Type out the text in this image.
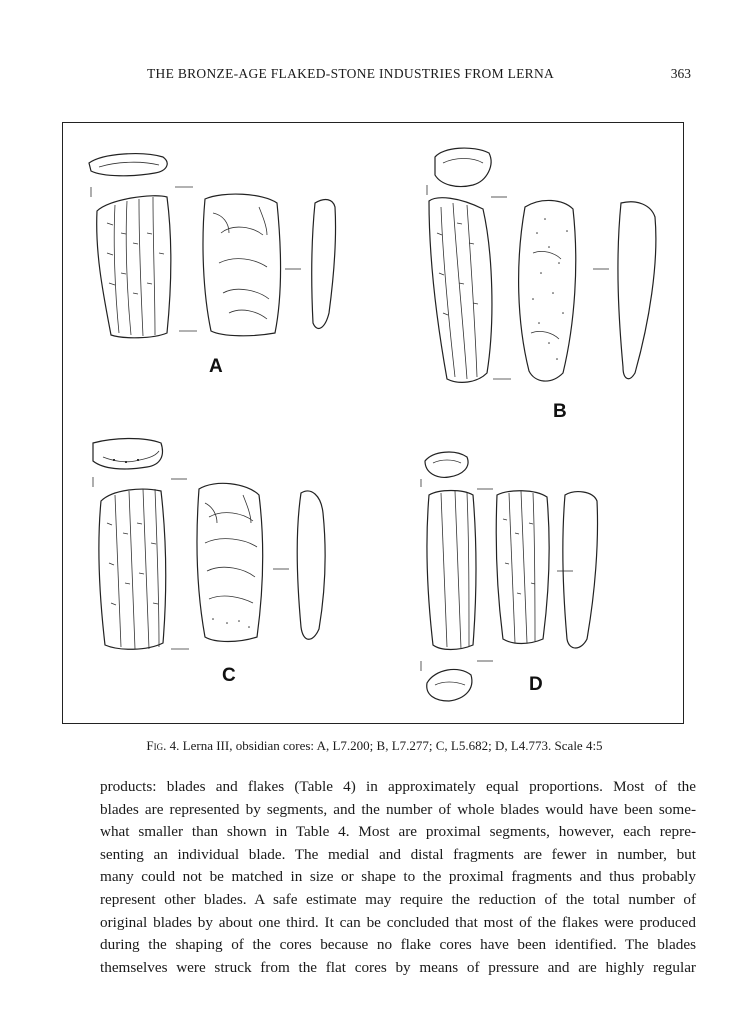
THE BRONZE-AGE FLAKED-STONE INDUSTRIES FROM LERNA	363
A
B
C	D
Fig. 4. Lerna III, obsidian cores: A, L7.200; B, L7.277; C, L5.682; D, L4.773. Scale 4:5
products: blades and flakes (Table 4) in approximately equal proportions. Most of the
blades are represented by segments, and the number of whole blades would have been some-
what smaller than shown in Table 4. Most are proximal segments, however, each repre-
senting an individual blade. The medial and distal fragments are fewer in number, but
many could not be matched in size or shape to the proximal fragments and thus probably
represent other blades. A safe estimate may require the reduction of the total number of
original blades by about one third. It can be concluded that most of the flakes were produced
during the shaping of the cores because no flake cores have been identified. The blades
themselves were struck from the flat cores by means of pressure and are highly regular
